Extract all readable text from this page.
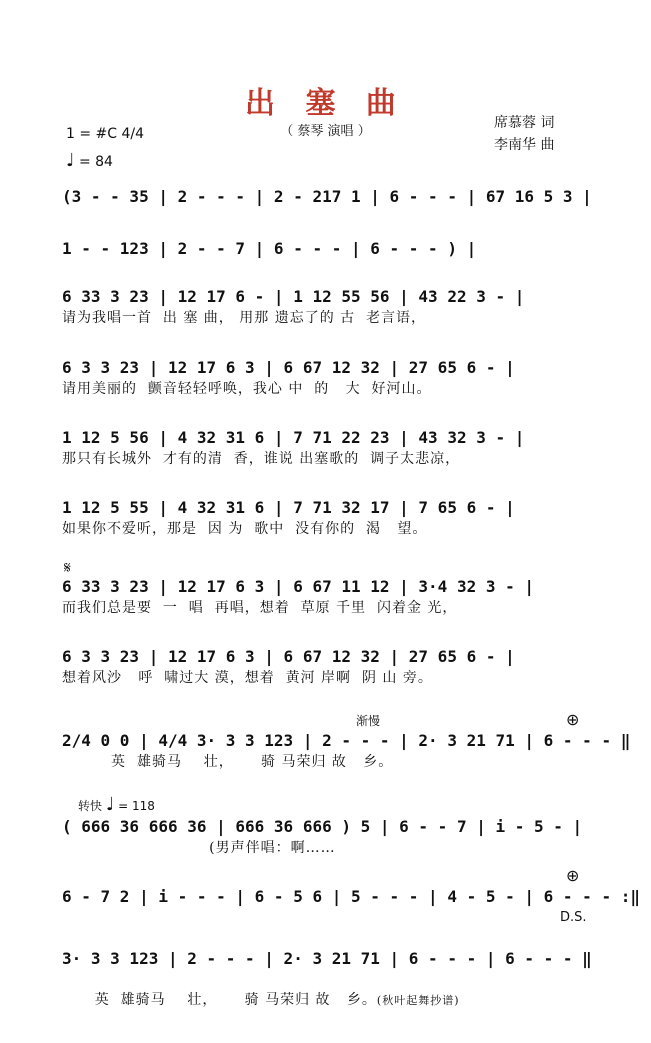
出 塞 曲
（ 蔡琴 演唱 ）
席慕蓉 词
李南华 曲
1 = #C 4/4
♩ = 84
(3 - - 35 | 2 - - - | 2 - 217 1 | 6 - - - | 67 16 5 3 |
1 - - 123 | 2 - - 7 | 6 - - - | 6 - - - ) |
6 33 3 23 | 12 17 6 - | 1 12 55 56 | 43 22 3 - |
请为我唱一首  出 塞 曲， 用那 遗忘了的 古  老言语，
6 3 3 23 | 12 17 6 3 | 6 67 12 32 | 27 65 6 - |
请用美丽的  颤音轻轻呼唤，我心 中  的   大  好河山。
1 12 5 56 | 4 32 31 6 | 7 71 22 23 | 43 32 3 - |
那只有长城外  才有的清  香，谁说 出塞歌的  调子太悲凉，
1 12 5 55 | 4 32 31 6 | 7 71 32 17 | 7 65 6 - |
如果你不爱听，那是  因 为  歌中  没有你的  渴   望。
𝄋
6 33 3 23 | 12 17 6 3 | 6 67 11 12 | 3·4 32 3 - |
而我们总是要  一  唱  再唱，想着  草原 千里  闪着金 光，
6 3 3 23 | 12 17 6 3 | 6 67 12 32 | 27 65 6 - |
想着风沙   呼  啸过大 漠，想着  黄河 岸啊  阴 山 旁。
渐慢	⊕
2/4 0 0 | 4/4 3· 3 3 123 | 2 - - - | 2· 3 21 71 | 6 - - - ‖
英  雄骑马    壮，     骑 马荣归 故   乡。
转快 ♩ = 118
( 666 36 666 36 | 666 36 666 ) 5 | 6 - - 7 | i - 5 - |
(男声伴唱：啊……
⊕
6 - 7 2 | i - - - | 6 - 5 6 | 5 - - - | 4 - 5 - | 6 - - - :‖
D.S.
3· 3 3 123 | 2 - - - | 2· 3 21 71 | 6 - - - | 6 - - - ‖

英  雄骑马    壮，     骑 马荣归 故   乡。(秋叶起舞抄谱)
